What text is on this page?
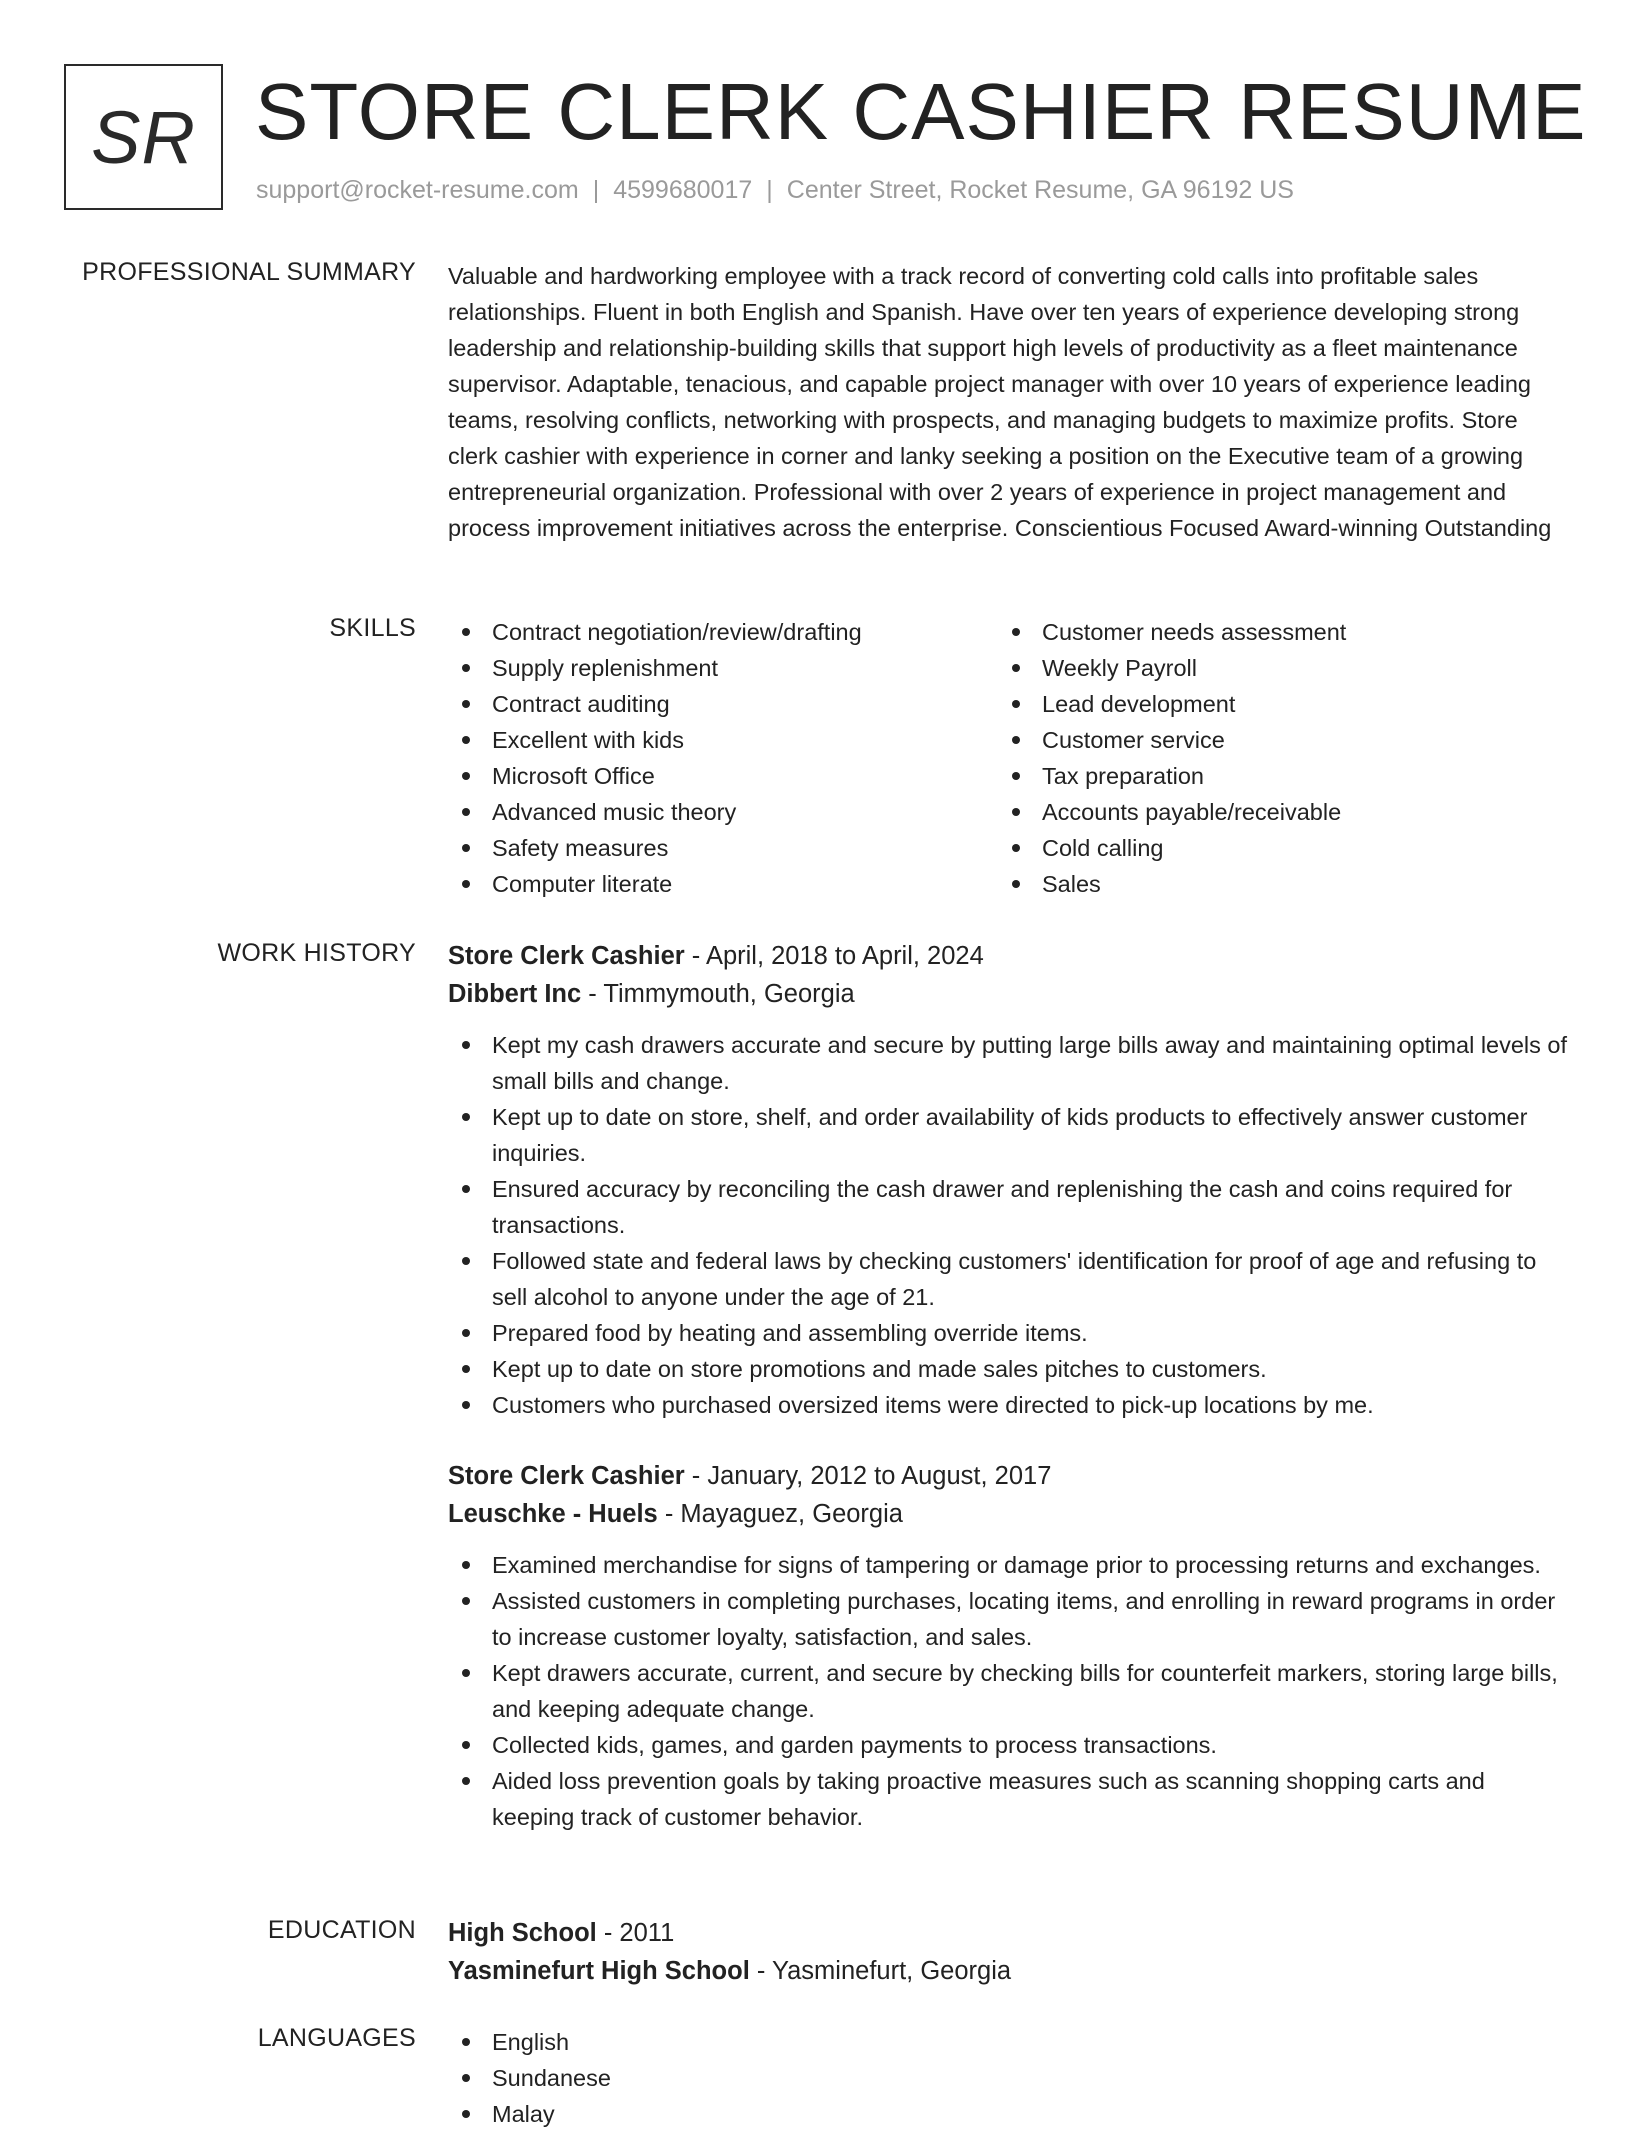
SR STORE CLERK CASHIER RESUME
support@rocket-resume.com | 4599680017 | Center Street, Rocket Resume, GA 96192 US
PROFESSIONAL SUMMARY Valuable and hardworking employee with a track record of converting cold calls into profitable sales relationships. Fluent in both English and Spanish. Have over ten years of experience developing strong leadership and relationship-building skills that support high levels of productivity as a fleet maintenance supervisor. Adaptable, tenacious, and capable project manager with over 10 years of experience leading teams, resolving conflicts, networking with prospects, and managing budgets to maximize profits. Store clerk cashier with experience in corner and lanky seeking a position on the Executive team of a growing entrepreneurial organization. Professional with over 2 years of experience in project management and process improvement initiatives across the enterprise. Conscientious Focused Award-winning Outstanding

SKILLS	Contract negotiation/review/drafting
Supply replenishment
Contract auditing
Excellent with kids
Microsoft Office
Advanced music theory
Safety measures
Computer literate
Customer needs assessment
Weekly Payroll
Lead development
Customer service
Tax preparation
Accounts payable/receivable
Cold calling
Sales
WORK HISTORY Store Clerk Cashier - April, 2018 to April, 2024
Dibbert Inc - Timmymouth, Georgia
Kept my cash drawers accurate and secure by putting large bills away and maintaining optimal levels of small bills and change.
Kept up to date on store, shelf, and order availability of kids products to effectively answer customer inquiries.
Ensured accuracy by reconciling the cash drawer and replenishing the cash and coins required for transactions.
Followed state and federal laws by checking customers' identification for proof of age and refusing to sell alcohol to anyone under the age of 21.
Prepared food by heating and assembling override items.
Kept up to date on store promotions and made sales pitches to customers.
Customers who purchased oversized items were directed to pick-up locations by me.
Store Clerk Cashier - January, 2012 to August, 2017
Leuschke - Huels - Mayaguez, Georgia
Examined merchandise for signs of tampering or damage prior to processing returns and exchanges.
Assisted customers in completing purchases, locating items, and enrolling in reward programs in order to increase customer loyalty, satisfaction, and sales.
Kept drawers accurate, current, and secure by checking bills for counterfeit markers, storing large bills, and keeping adequate change.
Collected kids, games, and garden payments to process transactions.
Aided loss prevention goals by taking proactive measures such as scanning shopping carts and keeping track of customer behavior.
EDUCATION High School - 2011
Yasminefurt High School - Yasminefurt, Georgia
LANGUAGES	English
Sundanese
Malay
